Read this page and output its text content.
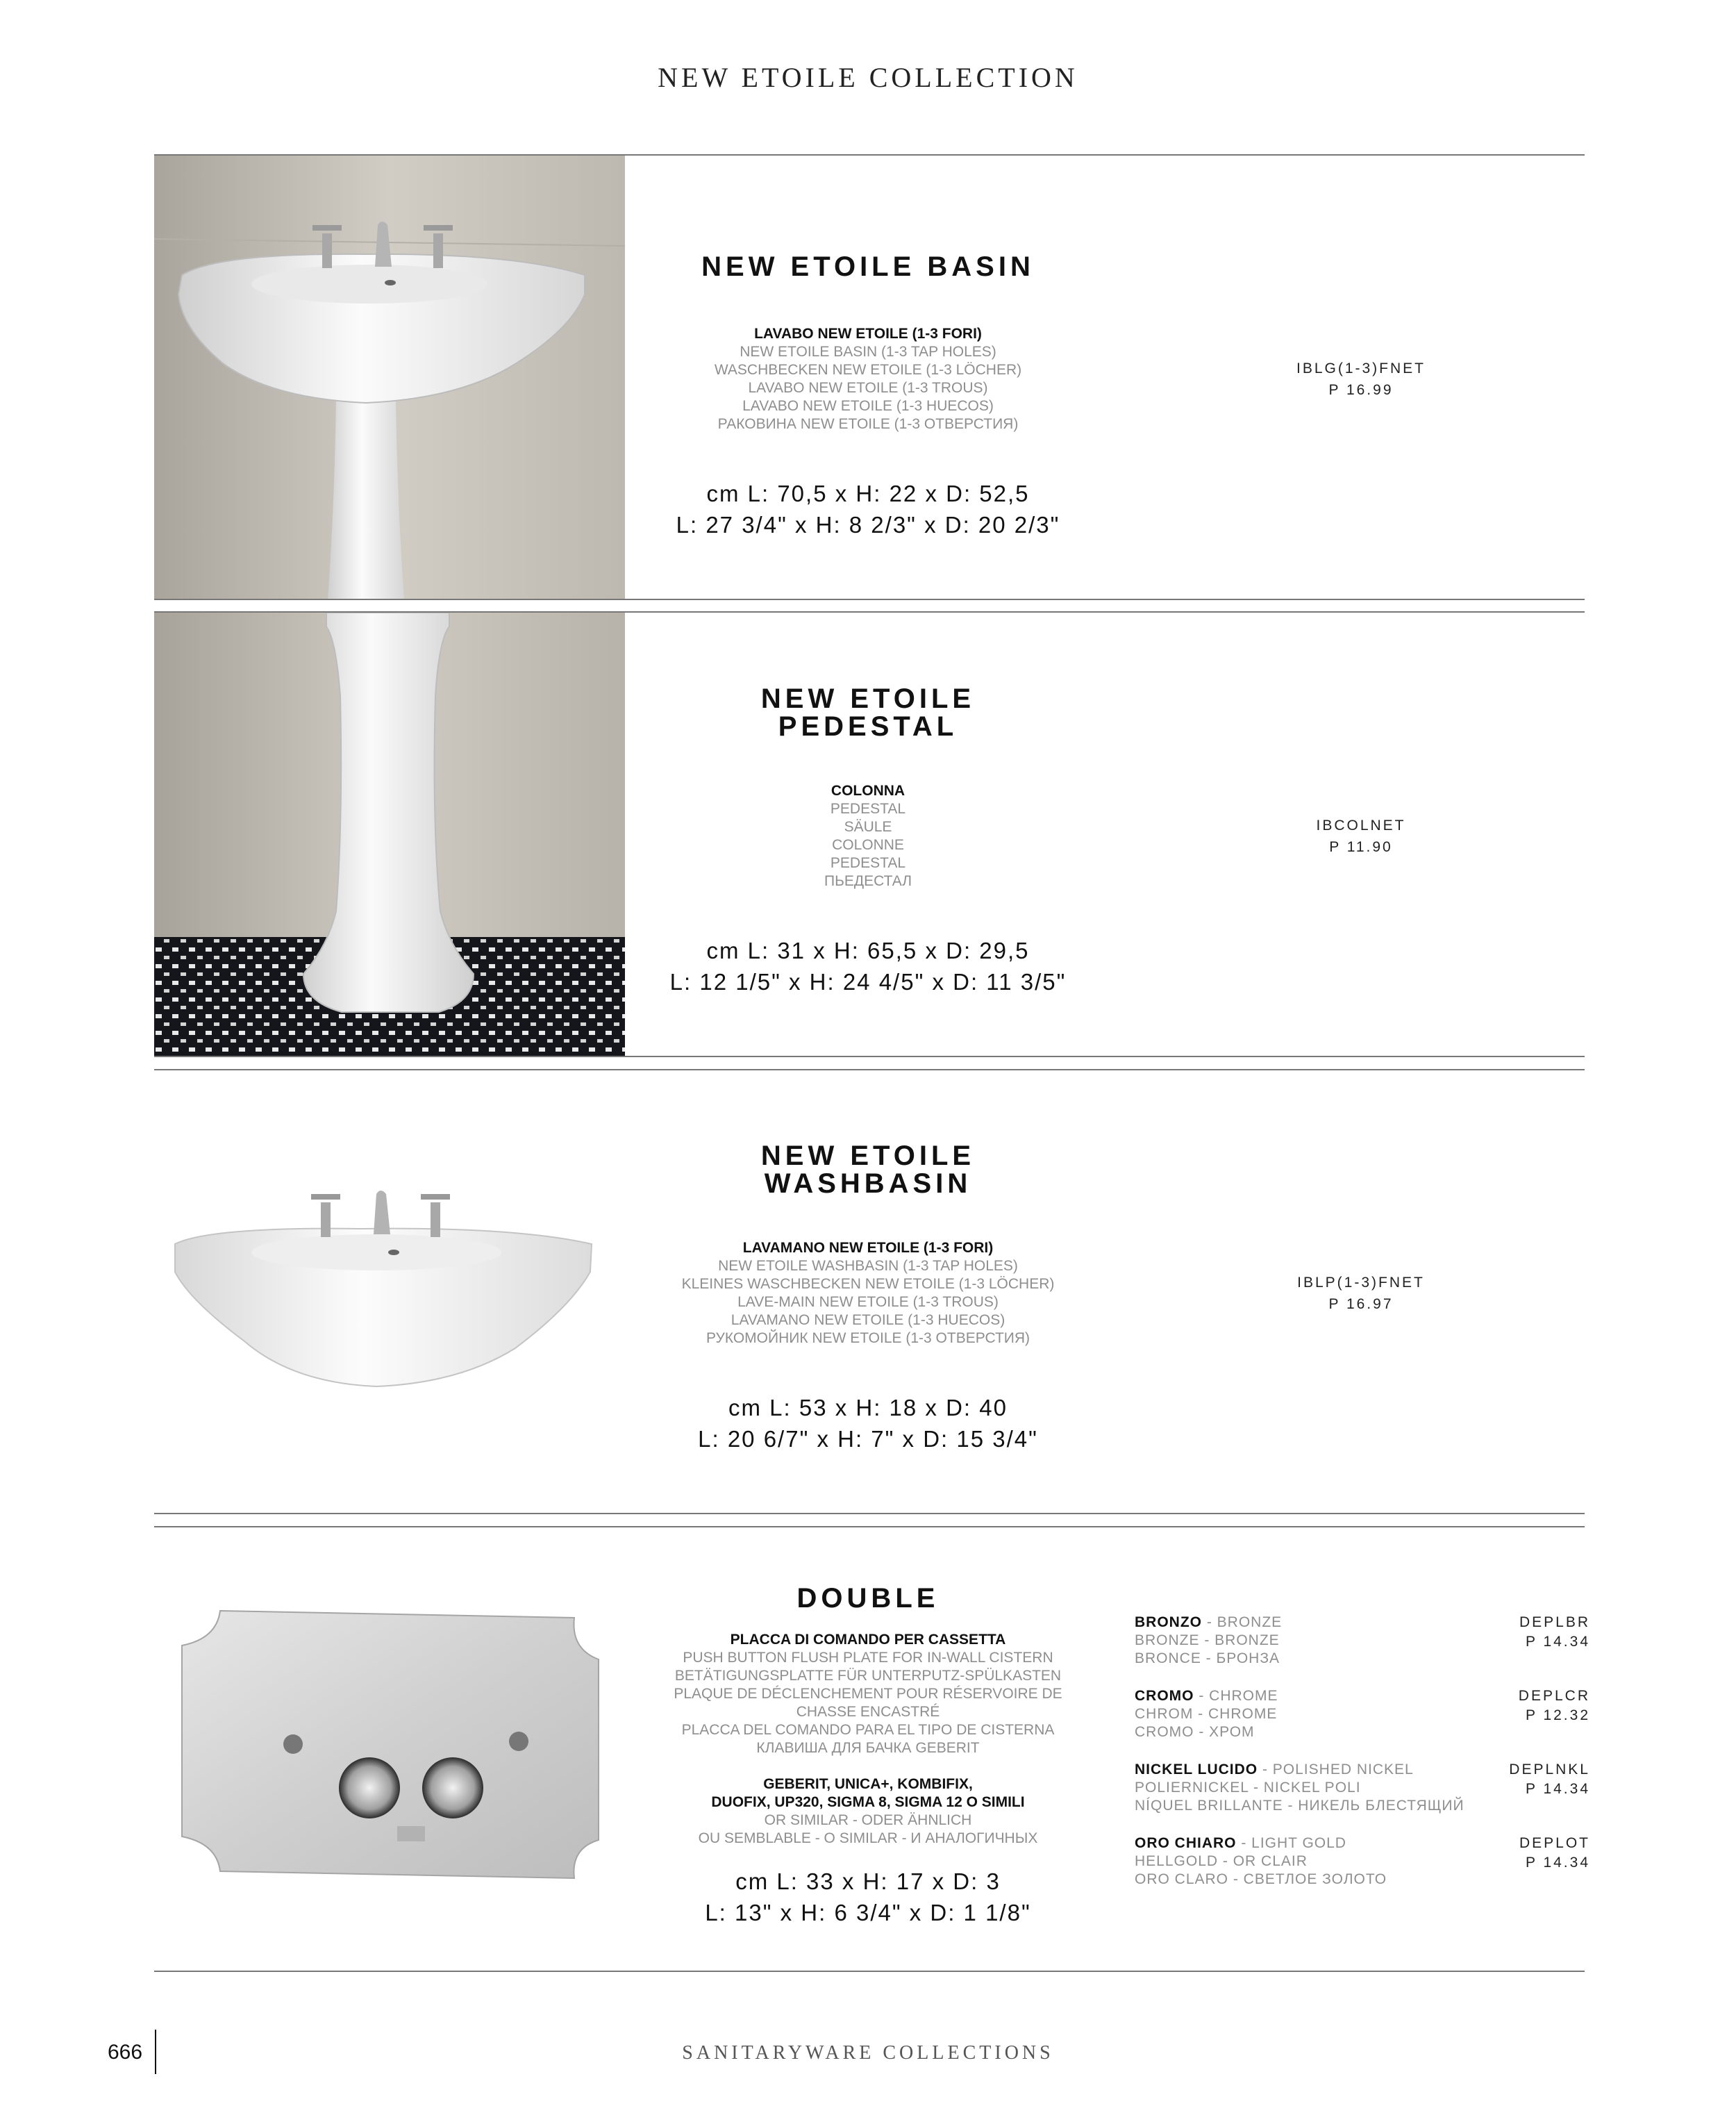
NEW ETOILE COLLECTION
NEW ETOILE BASIN
LAVABO NEW ETOILE (1-3 FORI)
NEW ETOILE BASIN (1-3 TAP HOLES)
WASCHBECKEN NEW ETOILE (1-3 LÖCHER)
LAVABO NEW ETOILE (1-3 TROUS)
LAVABO NEW ETOILE (1-3 HUECOS)
РАКОВИНА NEW ETOILE (1-3 ОТВЕРСТИЯ)
cm L: 70,5 x H: 22 x D: 52,5
L: 27 3/4" x H: 8 2/3" x D: 20 2/3"
IBLG(1-3)FNET
P 16.99
NEW ETOILE
PEDESTAL
COLONNA
PEDESTAL
SÄULE
COLONNE
PEDESTAL
ПЬЕДЕСТАЛ
cm L: 31 x H: 65,5 x D: 29,5
L: 12 1/5" x H: 24 4/5" x D: 11 3/5"
IBCOLNET
P 11.90
NEW ETOILE
WASHBASIN
LAVAMANO NEW ETOILE (1-3 FORI)
NEW ETOILE WASHBASIN (1-3 TAP HOLES)
KLEINES WASCHBECKEN NEW ETOILE (1-3 LÖCHER)
LAVE-MAIN NEW ETOILE (1-3 TROUS)
LAVAMANO NEW ETOILE (1-3 HUECOS)
РУКОМОЙНИК NEW ETOILE (1-3 ОТВЕРСТИЯ)
cm L: 53 x H: 18 x D: 40
L: 20 6/7" x H: 7" x D: 15 3/4"
IBLP(1-3)FNET
P 16.97
DOUBLE
PLACCA DI COMANDO PER CASSETTA
PUSH BUTTON FLUSH PLATE FOR IN-WALL CISTERN
BETÄTIGUNGSPLATTE FÜR UNTERPUTZ-SPÜLKASTEN
PLAQUE DE DÉCLENCHEMENT POUR RÉSERVOIRE DE
CHASSE ENCASTRÉ
PLACCA DEL COMANDO PARA EL TIPO DE CISTERNA
КЛАВИША ДЛЯ БАЧКА GEBERIT
GEBERIT, UNICA+, KOMBIFIX,
DUOFIX, UP320, SIGMA 8, SIGMA 12 O SIMILI
OR SIMILAR - ODER ÄHNLICH
OU SEMBLABLE - O SIMILAR - И АНАЛОГИЧНЫХ
cm L: 33 x H: 17 x D: 3
L: 13" x H: 6 3/4" x D: 1 1/8"
BRONZO - BRONZE
BRONZE - BRONZE
BRONCE - БРОНЗА
DEPLBR
P 14.34
CROMO - CHROME
CHROM - CHROME
CROMO - ХРОМ
DEPLCR
P 12.32
NICKEL LUCIDO - POLISHED NICKEL
POLIERNICKEL - NICKEL POLI
NÍQUEL BRILLANTE - НИКЕЛЬ БЛЕСТЯЩИЙ
DEPLNKL
P 14.34
ORO CHIARO - LIGHT GOLD
HELLGOLD - OR CLAIR
ORO CLARO - СВЕТЛОЕ ЗОЛОТО
DEPLOT
P 14.34
666	SANITARYWARE COLLECTIONS
